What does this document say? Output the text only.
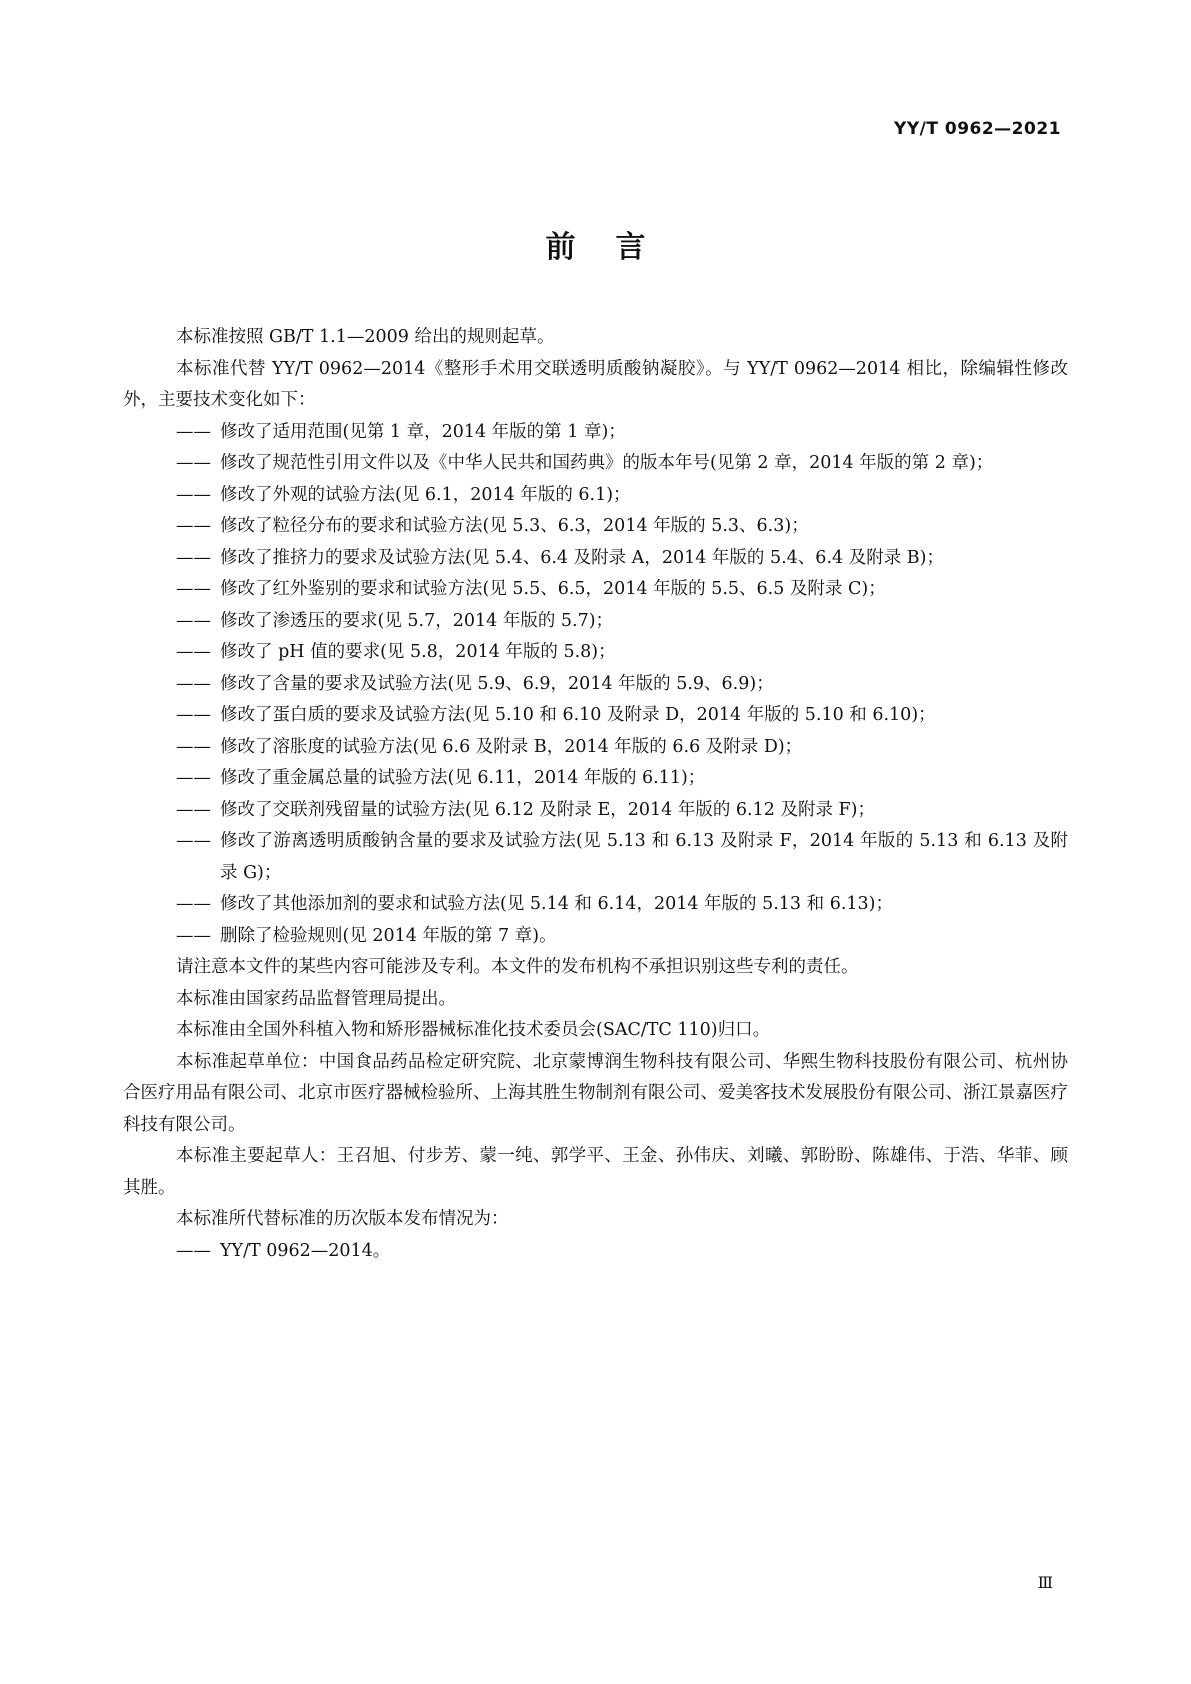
YY/T 0962—2021
前言

本标准按照 GB/T 1.1—2009 给出的规则起草。

本标准代替 YY/T 0962—2014《整形手术用交联透明质酸钠凝胶》。与 YY/T 0962—2014 相比，除编辑性修改外，主要技术变化如下：

—— 修改了适用范围(见第 1 章，2014 年版的第 1 章)；
—— 修改了规范性引用文件以及《中华人民共和国药典》的版本年号(见第 2 章，2014 年版的第 2 章)；
—— 修改了外观的试验方法(见 6.1，2014 年版的 6.1)；
—— 修改了粒径分布的要求和试验方法(见 5.3、6.3，2014 年版的 5.3、6.3)；
—— 修改了推挤力的要求及试验方法(见 5.4、6.4 及附录 A，2014 年版的 5.4、6.4 及附录 B)；
—— 修改了红外鉴别的要求和试验方法(见 5.5、6.5，2014 年版的 5.5、6.5 及附录 C)；
—— 修改了渗透压的要求(见 5.7，2014 年版的 5.7)；
—— 修改了 pH 值的要求(见 5.8，2014 年版的 5.8)；
—— 修改了含量的要求及试验方法(见 5.9、6.9，2014 年版的 5.9、6.9)；
—— 修改了蛋白质的要求及试验方法(见 5.10 和 6.10 及附录 D，2014 年版的 5.10 和 6.10)；
—— 修改了溶胀度的试验方法(见 6.6 及附录 B，2014 年版的 6.6 及附录 D)；
—— 修改了重金属总量的试验方法(见 6.11，2014 年版的 6.11)；
—— 修改了交联剂残留量的试验方法(见 6.12 及附录 E，2014 年版的 6.12 及附录 F)；
—— 修改了游离透明质酸钠含量的要求及试验方法(见 5.13 和 6.13 及附录 F，2014 年版的 5.13 和 6.13 及附录 G)；
—— 修改了其他添加剂的要求和试验方法(见 5.14 和 6.14，2014 年版的 5.13 和 6.13)；
—— 删除了检验规则(见 2014 年版的第 7 章)。

请注意本文件的某些内容可能涉及专利。本文件的发布机构不承担识别这些专利的责任。

本标准由国家药品监督管理局提出。

本标准由全国外科植入物和矫形器械标准化技术委员会(SAC/TC 110)归口。

本标准起草单位：中国食品药品检定研究院、北京蒙博润生物科技有限公司、华熙生物科技股份有限公司、杭州协合医疗用品有限公司、北京市医疗器械检验所、上海其胜生物制剂有限公司、爱美客技术发展股份有限公司、浙江景嘉医疗科技有限公司。

本标准主要起草人：王召旭、付步芳、蒙一纯、郭学平、王金、孙伟庆、刘曦、郭盼盼、陈雄伟、于浩、华菲、顾其胜。

本标准所代替标准的历次版本发布情况为：

—— YY/T 0962—2014。
Ⅲ
